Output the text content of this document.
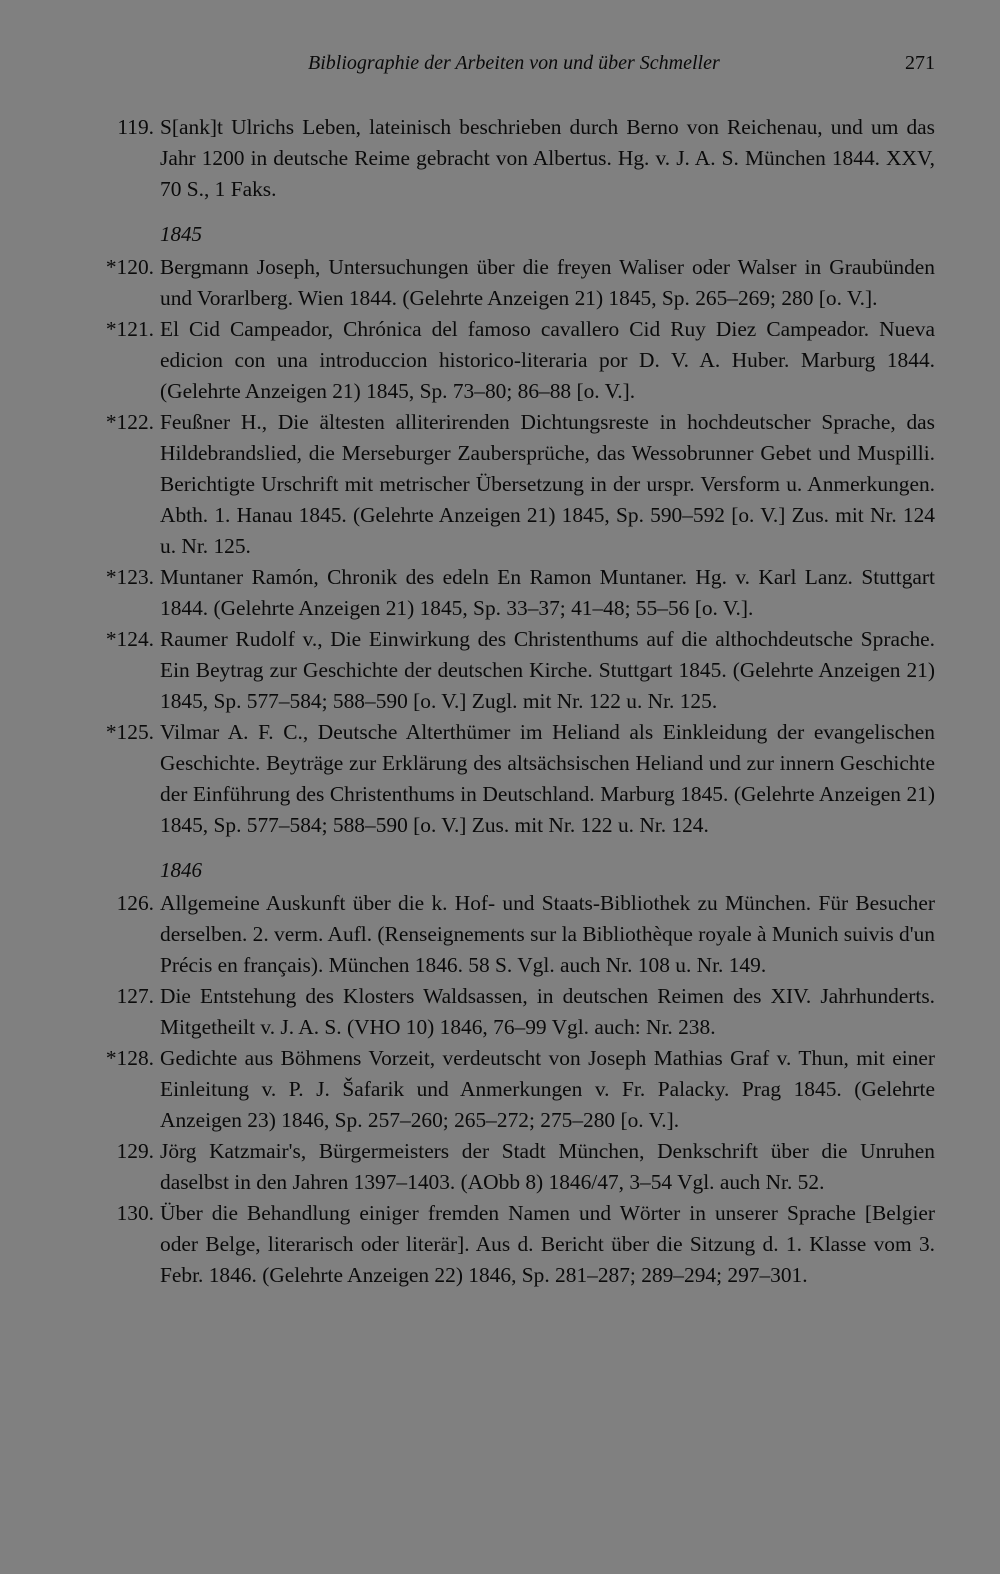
Bibliographie der Arbeiten von und über Schmeller	271
119. S[ank]t Ulrichs Leben, lateinisch beschrieben durch Berno von Reichenau, und um das Jahr 1200 in deutsche Reime gebracht von Albertus. Hg. v. J. A. S. München 1844. XXV, 70 S., 1 Faks.
1845
*120. Bergmann Joseph, Untersuchungen über die freyen Waliser oder Walser in Graubünden und Vorarlberg. Wien 1844. (Gelehrte Anzeigen 21) 1845, Sp. 265–269; 280 [o. V.].
*121. El Cid Campeador, Chrónica del famoso cavallero Cid Ruy Diez Campeador. Nueva edicion con una introduccion historico-literaria por D. V. A. Huber. Marburg 1844. (Gelehrte Anzeigen 21) 1845, Sp. 73–80; 86–88 [o. V.].
*122. Feußner H., Die ältesten alliterirenden Dichtungsreste in hochdeutscher Sprache, das Hildebrandslied, die Merseburger Zaubersprüche, das Wessobrunner Gebet und Muspilli. Berichtigte Urschrift mit metrischer Übersetzung in der urspr. Versform u. Anmerkungen. Abth. 1. Hanau 1845. (Gelehrte Anzeigen 21) 1845, Sp. 590–592 [o. V.] Zus. mit Nr. 124 u. Nr. 125.
*123. Muntaner Ramón, Chronik des edeln En Ramon Muntaner. Hg. v. Karl Lanz. Stuttgart 1844. (Gelehrte Anzeigen 21) 1845, Sp. 33–37; 41–48; 55–56 [o. V.].
*124. Raumer Rudolf v., Die Einwirkung des Christenthums auf die althochdeutsche Sprache. Ein Beytrag zur Geschichte der deutschen Kirche. Stuttgart 1845. (Gelehrte Anzeigen 21) 1845, Sp. 577–584; 588–590 [o. V.] Zugl. mit Nr. 122 u. Nr. 125.
*125. Vilmar A. F. C., Deutsche Alterthümer im Heliand als Einkleidung der evangelischen Geschichte. Beyträge zur Erklärung des altsächsischen Heliand und zur innern Geschichte der Einführung des Christenthums in Deutschland. Marburg 1845. (Gelehrte Anzeigen 21) 1845, Sp. 577–584; 588–590 [o. V.] Zus. mit Nr. 122 u. Nr. 124.
1846
126. Allgemeine Auskunft über die k. Hof- und Staats-Bibliothek zu München. Für Besucher derselben. 2. verm. Aufl. (Renseignements sur la Bibliothèque royale à Munich suivis d'un Précis en français). München 1846. 58 S. Vgl. auch Nr. 108 u. Nr. 149.
127. Die Entstehung des Klosters Waldsassen, in deutschen Reimen des XIV. Jahrhunderts. Mitgetheilt v. J. A. S. (VHO 10) 1846, 76–99 Vgl. auch: Nr. 238.
*128. Gedichte aus Böhmens Vorzeit, verdeutscht von Joseph Mathias Graf v. Thun, mit einer Einleitung v. P. J. Šafarik und Anmerkungen v. Fr. Palacky. Prag 1845. (Gelehrte Anzeigen 23) 1846, Sp. 257–260; 265–272; 275–280 [o. V.].
129. Jörg Katzmair's, Bürgermeisters der Stadt München, Denkschrift über die Unruhen daselbst in den Jahren 1397–1403. (AObb 8) 1846/47, 3–54 Vgl. auch Nr. 52.
130. Über die Behandlung einiger fremden Namen und Wörter in unserer Sprache [Belgier oder Belge, literarisch oder literär]. Aus d. Bericht über die Sitzung d. 1. Klasse vom 3. Febr. 1846. (Gelehrte Anzeigen 22) 1846, Sp. 281–287; 289–294; 297–301.
